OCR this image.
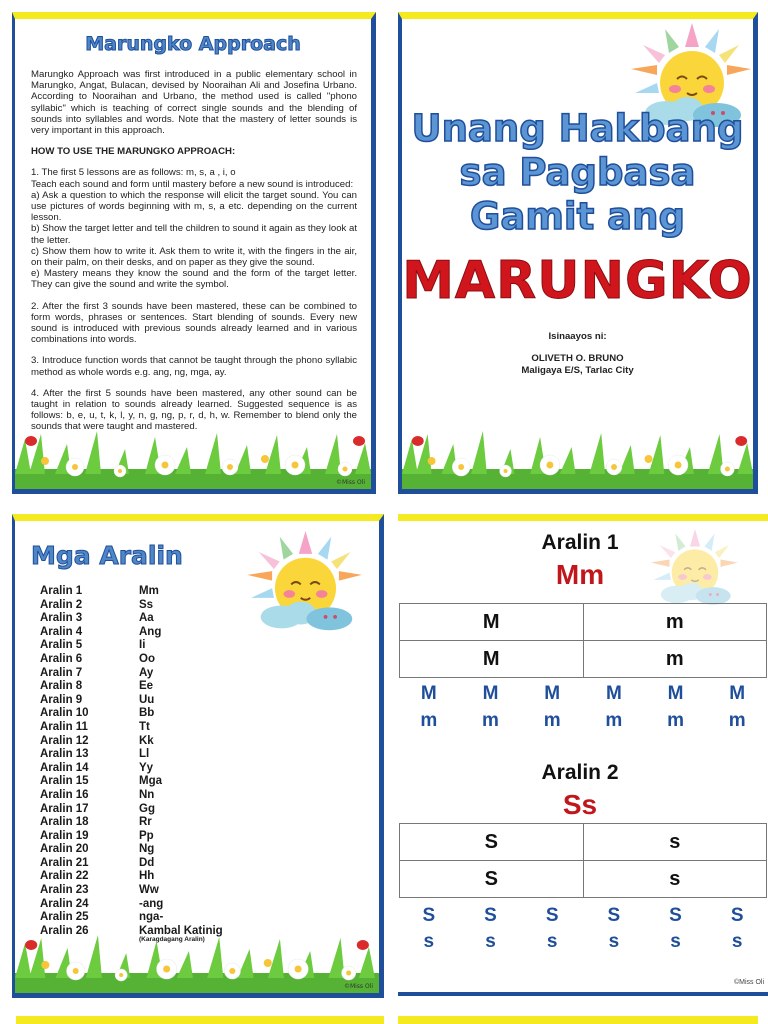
Marungko Approach

Marungko Approach was first introduced in a public elementary school in Marungko, Angat, Bulacan, devised by Nooraihan Ali and Josefina Urbano. According to Nooraihan and Urbano, the method used is called "phono syllabic" which is teaching of correct single sounds and the blending of sounds into syllables and words. Note that the mastery of letter sounds is very important in this approach.

HOW TO USE THE MARUNGKO APPROACH:
1. The first 5 lessons are as follows: m, s, a , i, o
Teach each sound and form until mastery before a new sound is introduced:
a) Ask a question to which the response will elicit the target sound. You can use pictures of words beginning with m, s, a etc. depending on the current lesson.
b) Show the target letter and tell the children to sound it again as they look at the letter.
c) Show them how to write it. Ask them to write it, with the fingers in the air, on their palm, on their desks, and on paper as they give the sound.

e) Mastery means they know the sound and the form of the target letter. They can give the sound and write the symbol.

2. After the first 3 sounds have been mastered, these can be combined to form words, phrases or sentences. Start blending of sounds. Every new sound is introduced with previous sounds already learned and in various combinations into words.

3. Introduce function words that cannot be taught through the phono syllabic method as whole words e.g. ang, ng, mga, ay.

4. After the first 5 sounds have been mastered, any other sound can be taught in relation to sounds already learned. Suggested sequence is as follows: b, e, u, t, k, l, y, n, g, ng, p, r, d, h, w. Remember to blend only the sounds that were taught and mastered.

©Miss Oli
Unang Hakbang
sa Pagbasa
Gamit ang
MARUNGKO
Isinaayos ni:
OLIVETH O. BRUNO
Maligaya E/S, Tarlac City
Mga Aralin
Aralin 1	Mm
Aralin 2	Ss
Aralin 3	Aa
Aralin 4	Ang
Aralin 5	Ii
Aralin 6	Oo
Aralin 7	Ay
Aralin 8	Ee
Aralin 9	Uu
Aralin 10	Bb
Aralin 11	Tt
Aralin 12	Kk
Aralin 13	Ll
Aralin 14	Yy
Aralin 15	Mga
Aralin 16	Nn
Aralin 17	Gg
Aralin 18	Rr
Aralin 19	Pp
Aralin 20	Ng
Aralin 21	Dd
Aralin 22	Hh
Aralin 23	Ww
Aralin 24	-ang
Aralin 25	nga-
Aralin 26	Kambal Katinig
(Karagdagang Aralin)
©Miss Oli
Aralin 1
Mm
M	m
M	m
M	M	M	M	M	M
m	m	m	m	m	m
Aralin 2
Ss
S	s
S	s
S	S	S	S	S	S
s	s	s	s	s	s
©Miss Oli
